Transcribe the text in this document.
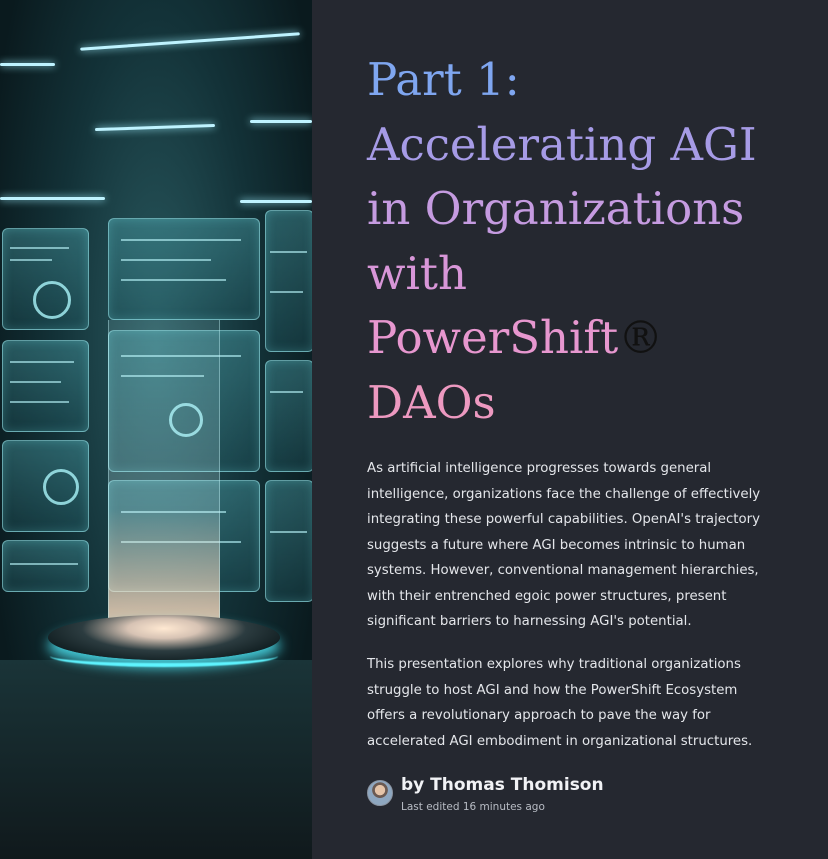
Part 1:
Accelerating AGI
in Organizations
with
PowerShift®
DAOs

As artificial intelligence progresses towards general intelligence, organizations face the challenge of effectively integrating these powerful capabilities. OpenAI's trajectory suggests a future where AGI becomes intrinsic to human systems. However, conventional management hierarchies, with their entrenched egoic power structures, present significant barriers to harnessing AGI's potential.

This presentation explores why traditional organizations struggle to host AGI and how the PowerShift Ecosystem offers a revolutionary approach to pave the way for accelerated AGI embodiment in organizational structures.

by Thomas Thomison

Last edited 16 minutes ago
